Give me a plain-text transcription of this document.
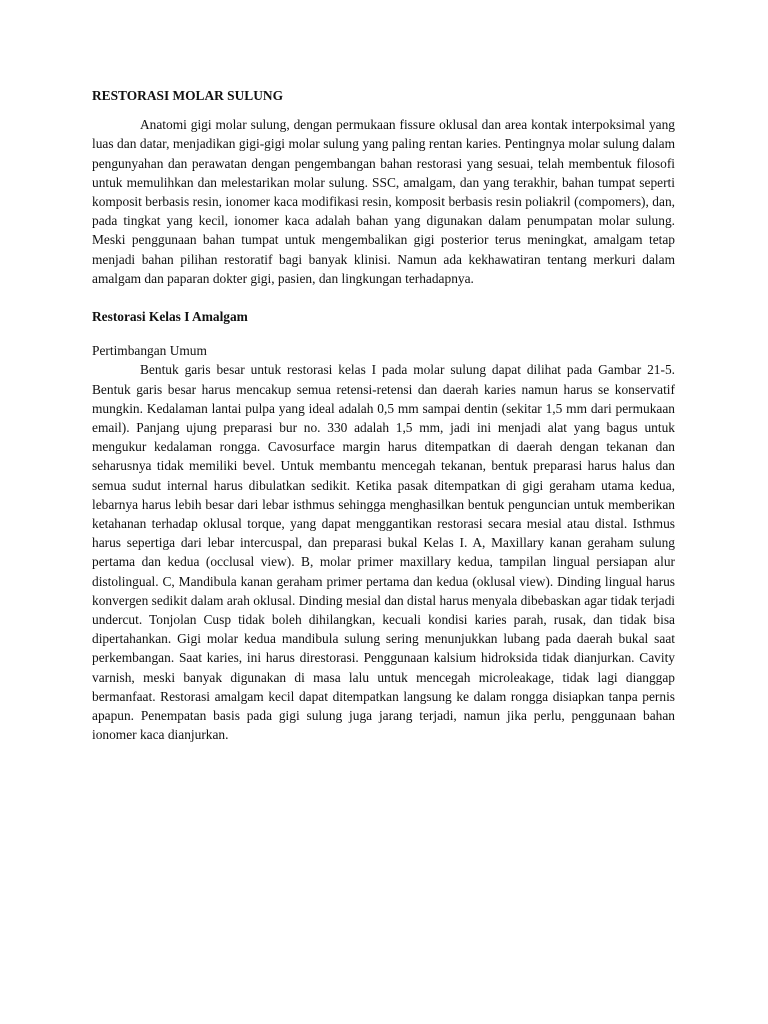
RESTORASI MOLAR SULUNG

Anatomi gigi molar sulung, dengan permukaan fissure oklusal dan area kontak interpoksimal yang luas dan datar, menjadikan gigi-gigi molar sulung yang paling rentan karies. Pentingnya molar sulung dalam pengunyahan dan perawatan dengan pengembangan bahan restorasi yang sesuai, telah membentuk filosofi untuk memulihkan dan melestarikan molar sulung. SSC, amalgam, dan yang terakhir, bahan tumpat seperti komposit berbasis resin, ionomer kaca modifikasi resin, komposit berbasis resin poliakril (compomers), dan, pada tingkat yang kecil, ionomer kaca adalah bahan yang digunakan dalam penumpatan molar sulung. Meski penggunaan bahan tumpat untuk mengembalikan gigi posterior terus meningkat, amalgam tetap menjadi bahan pilihan restoratif bagi banyak klinisi. Namun ada kekhawatiran tentang merkuri dalam amalgam dan paparan dokter gigi, pasien, dan lingkungan terhadapnya.

Restorasi Kelas I Amalgam
Pertimbangan Umum

Bentuk garis besar untuk restorasi kelas I pada molar sulung dapat dilihat pada Gambar 21-5. Bentuk garis besar harus mencakup semua retensi-retensi dan daerah karies namun harus se konservatif mungkin. Kedalaman lantai pulpa yang ideal adalah 0,5 mm sampai dentin (sekitar 1,5 mm dari permukaan email). Panjang ujung preparasi bur no. 330 adalah 1,5 mm, jadi ini menjadi alat yang bagus untuk mengukur kedalaman rongga. Cavosurface margin harus ditempatkan di daerah dengan tekanan dan seharusnya tidak memiliki bevel. Untuk membantu mencegah tekanan, bentuk preparasi harus halus dan semua sudut internal harus dibulatkan sedikit. Ketika pasak ditempatkan di gigi geraham utama kedua, lebarnya harus lebih besar dari lebar isthmus sehingga menghasilkan bentuk penguncian untuk memberikan ketahanan terhadap oklusal torque, yang dapat menggantikan restorasi secara mesial atau distal. Isthmus harus sepertiga dari lebar intercuspal, dan preparasi bukal Kelas I. A, Maxillary kanan geraham sulung pertama dan kedua (occlusal view). B, molar primer maxillary kedua, tampilan lingual persiapan alur distolingual. C, Mandibula kanan geraham primer pertama dan kedua (oklusal view). Dinding lingual harus konvergen sedikit dalam arah oklusal. Dinding mesial dan distal harus menyala dibebaskan agar tidak terjadi undercut. Tonjolan Cusp tidak boleh dihilangkan, kecuali kondisi karies parah, rusak, dan tidak bisa dipertahankan. Gigi molar kedua mandibula sulung sering menunjukkan lubang pada daerah bukal saat perkembangan. Saat karies, ini harus direstorasi. Penggunaan kalsium hidroksida tidak dianjurkan. Cavity varnish, meski banyak digunakan di masa lalu untuk mencegah microleakage, tidak lagi dianggap bermanfaat. Restorasi amalgam kecil dapat ditempatkan langsung ke dalam rongga disiapkan tanpa pernis apapun. Penempatan basis pada gigi sulung juga jarang terjadi, namun jika perlu, penggunaan bahan ionomer kaca dianjurkan.
